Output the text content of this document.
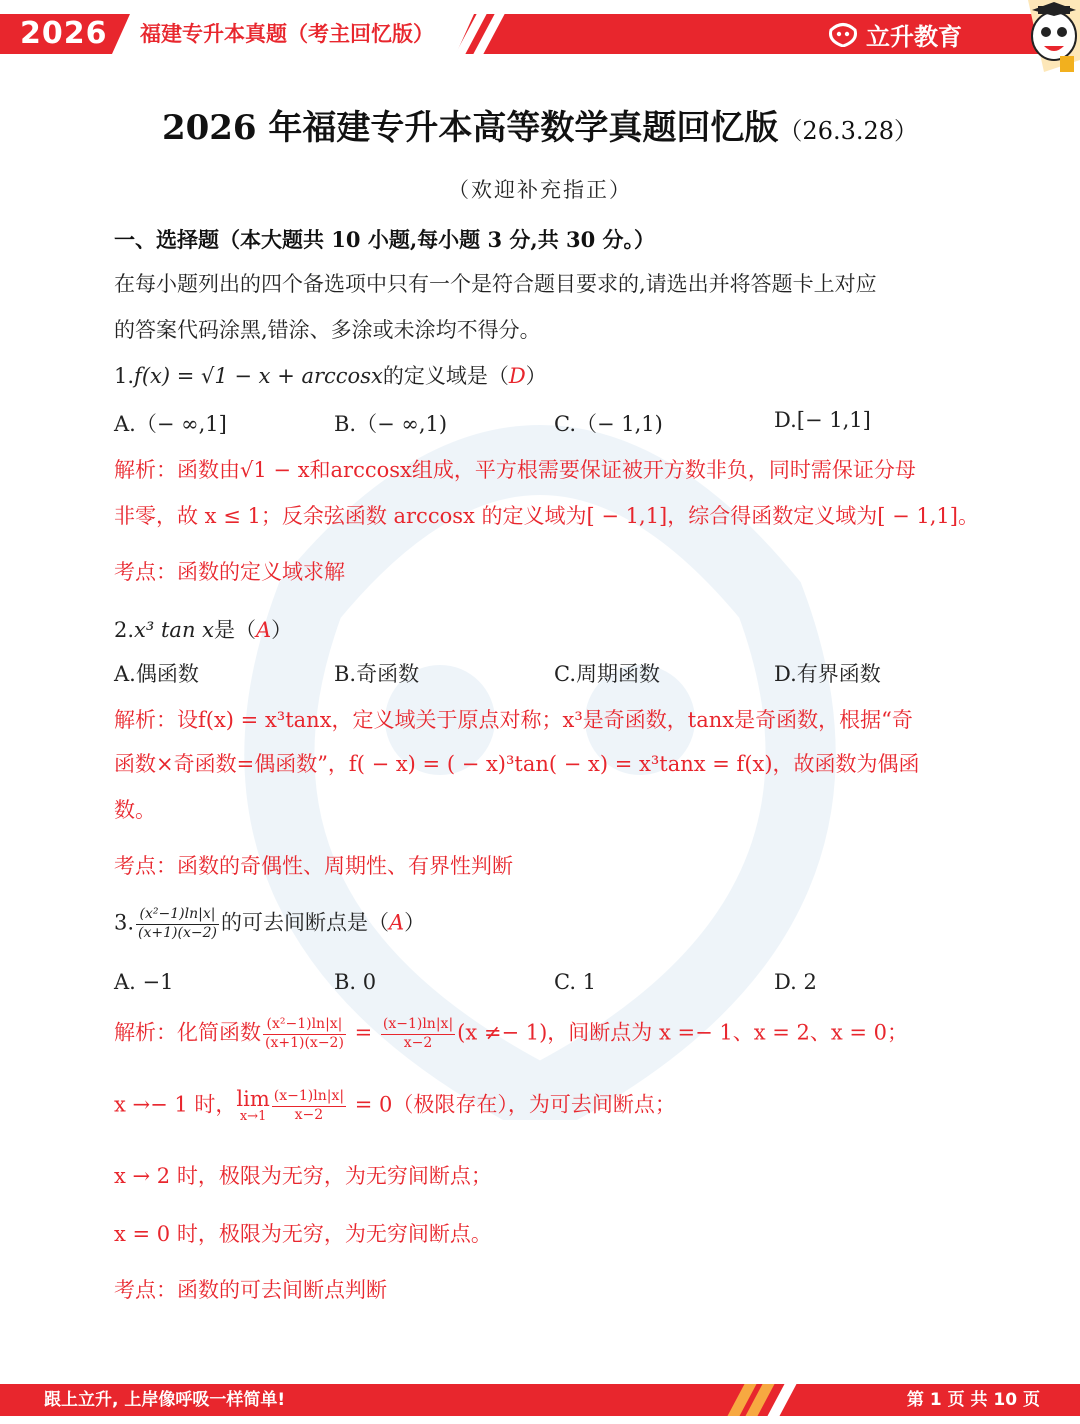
2026 福建专升本真题（考主回忆版）	立升教育
2026 年福建专升本高等数学真题回忆版（26.3.28）
（欢迎补充指正）
一、选择题（本大题共 10 小题,每小题 3 分,共 30 分。）
在每小题列出的四个备选项中只有一个是符合题目要求的,请选出并将答题卡上对应
的答案代码涂黑,错涂、多涂或未涂均不得分。
1.f(x) = √1 − x + arccosx的定义域是（D）
A.（− ∞,1]	B.（− ∞,1)	C.（− 1,1)	D.[− 1,1]
解析：函数由√1 − x和arccosx组成，平方根需要保证被开方数非负，同时需保证分母
非零，故 x ≤ 1；反余弦函数 arccosx 的定义域为[ − 1,1]，综合得函数定义域为[ − 1,1]。
考点：函数的定义域求解
2.x³ tan x是（A）
A.偶函数	B.奇函数	C.周期函数	D.有界函数
解析：设f(x) = x³tanx，定义域关于原点对称；x³是奇函数，tanx是奇函数，根据“奇
函数×奇函数=偶函数”，f( − x) = ( − x)³tan( − x) = x³tanx = f(x)，故函数为偶函
数。
考点：函数的奇偶性、周期性、有界性判断
3. $\frac{\text{(x²−1)ln|x|}}{(x+1)(x-2)}$ 的可去间断点是（A）
A. −1	B. 0	C. 1	D. 2
解析：化简函数 $\frac{\text{(x²−1)ln|x|}}{(x+1)(x-2)} = \frac{(x-1)\ln|x|}{x-2} (x \ne- 1)$，间断点为 x =− 1、x = 2、x = 0；
x →− 1 时，lim
$x\to 1 \frac{(x-1)\ln|x|}{x-2} = 0$（极限存在），为可去间断点；
x → 2 时，极限为无穷，为无穷间断点；
x = 0 时，极限为无穷，为无穷间断点。
考点：函数的可去间断点判断
跟上立升, 上岸像呼吸一样简单!	第 1 页 共 10 页
